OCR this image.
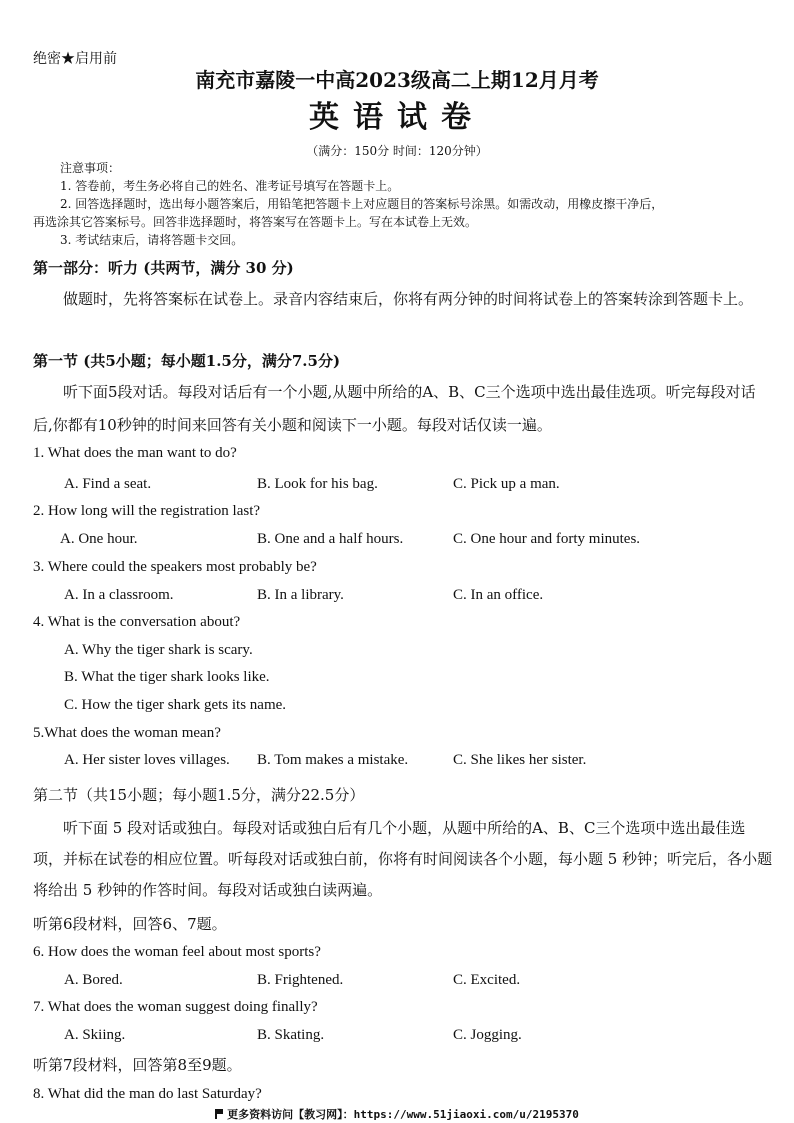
绝密★启用前
南充市嘉陵一中高2023级高二上期12月月考
英语试卷
（满分：150分 时间：120分钟）
注意事项：
1. 答卷前，考生务必将自己的姓名、准考证号填写在答题卡上。
2. 回答选择题时，选出每小题答案后，用铅笔把答题卡上对应题目的答案标号涂黑。如需改动，用橡皮擦干净后，
再选涂其它答案标号。回答非选择题时，将答案写在答题卡上。写在本试卷上无效。
3. 考试结束后，请将答题卡交回。
第一部分：听力 (共两节，满分 30 分)
做题时，先将答案标在试卷上。录音内容结束后，你将有两分钟的时间将试卷上的答案转涂到答题卡上。
第一节 (共5小题；每小题1.5分，满分7.5分)
听下面5段对话。每段对话后有一个小题,从题中所给的A、B、C三个选项中选出最佳选项。听完每段对话后,你都有10秒钟的时间来回答有关小题和阅读下一小题。每段对话仅读一遍。
1. What does the man want to do?
A. Find a seat.	B. Look for his bag.	C. Pick up a man.
2. How long will the registration last?
A. One hour.	B. One and a half hours.	C. One hour and forty minutes.
3. Where could the speakers most probably be?
A. In a classroom.	B. In a library.	C. In an office.
4. What is the conversation about?
A. Why the tiger shark is scary.
B. What the tiger shark looks like.
C. How the tiger shark gets its name.
5.What does the woman mean?
A. Her sister loves villages. B. Tom makes a mistake.	C. She likes her sister.
第二节（共15小题；每小题1.5分，满分22.5分）
听下面 5 段对话或独白。每段对话或独白后有几个小题，从题中所给的A、B、C三个选项中选出最佳选项，并标在试卷的相应位置。听每段对话或独白前，你将有时间阅读各个小题，每小题 5 秒钟；听完后，各小题将给出 5 秒钟的作答时间。每段对话或独白读两遍。
听第6段材料，回答6、7题。
6. How does the woman feel about most sports?
A. Bored.	B. Frightened.	C. Excited.
7. What does the woman suggest doing finally?
A. Skiing.	B. Skating.	C. Jogging.
听第7段材料，回答第8至9题。
8. What did the man do last Saturday?
更多资料访问【教习网】：https://www.51jiaoxi.com/u/2195370
